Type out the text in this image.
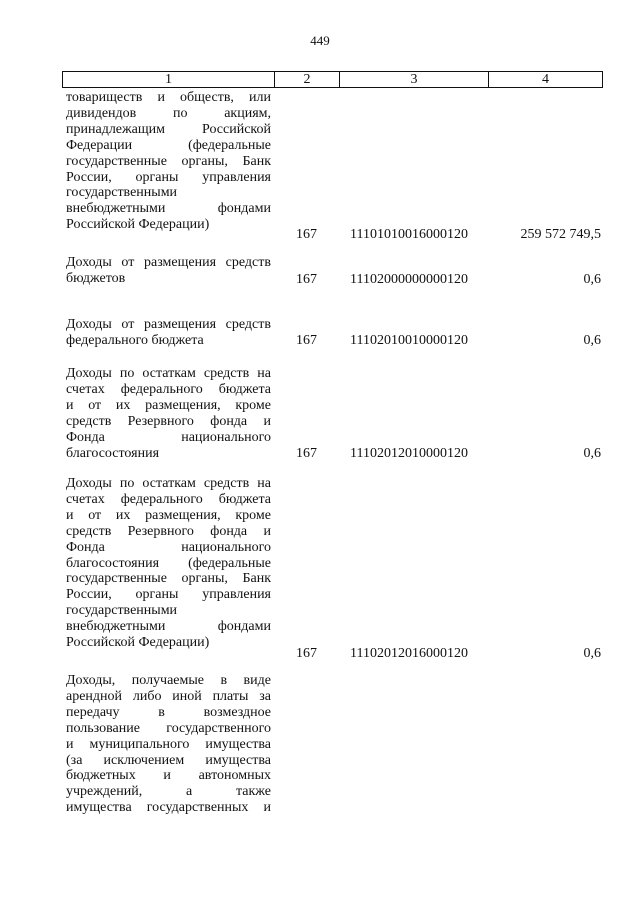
449
1	2	3	4
товариществ и обществ, или
дивидендов по акциям,
принадлежащим Российской
Федерации (федеральные
государственные органы, Банк
России, органы управления
государственными
внебюджетными фондами
Российской Федерации)
167	11101010016000120	259 572 749,5
Доходы от размещения средств
бюджетов	167	11102000000000120	0,6
Доходы от размещения средств
федерального бюджета	167	11102010010000120	0,6
Доходы по остаткам средств на
счетах федерального бюджета
и от их размещения, кроме
средств Резервного фонда и
Фонда национального
благосостояния	167	11102012010000120	0,6
Доходы по остаткам средств на
счетах федерального бюджета
и от их размещения, кроме
средств Резервного фонда и
Фонда национального
благосостояния (федеральные
государственные органы, Банк
России, органы управления
государственными
внебюджетными фондами
Российской Федерации)
167	11102012016000120	0,6
Доходы, получаемые в виде
арендной либо иной платы за
передачу в возмездное
пользование государственного
и муниципального имущества
(за исключением имущества
бюджетных и автономных
учреждений, а также
имущества государственных и
